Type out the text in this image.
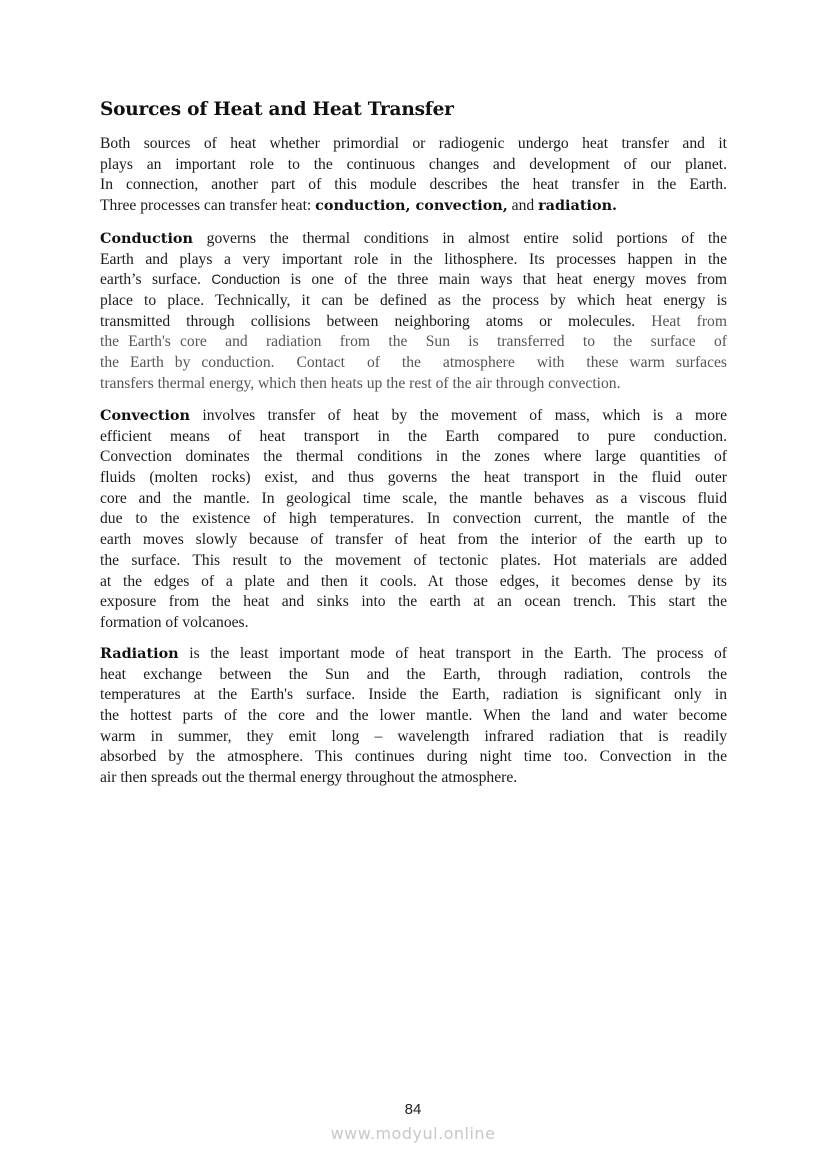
Sources of Heat and Heat Transfer
Both sources of heat whether primordial or radiogenic undergo heat transfer and it
plays an important role to the continuous changes and development of our planet.
In connection, another part of this module describes the heat transfer in the Earth.
Three processes can transfer heat: conduction, convection, and radiation.
Conduction governs the thermal conditions in almost entire solid portions of the
Earth and plays a very important role in the lithosphere. Its processes happen in the
earth’s surface. Conduction is one of the three main ways that heat energy moves from
place to place. Technically, it can be defined as the process by which heat energy is
transmitted through collisions between neighboring atoms or molecules. Heat from
the Earth's core  and  radiation  from  the  Sun  is  transferred  to  the  surface  of
the Earth by conduction.  Contact  of  the  atmosphere  with  these warm surfaces
transfers thermal energy, which then heats up the rest of the air through convection.
Convection involves transfer of heat by the movement of mass, which is a more
efficient means of heat transport in the Earth compared to pure conduction.
Convection dominates the thermal conditions in the zones where large quantities of
fluids (molten rocks) exist, and thus governs the heat transport in the fluid outer
core and the mantle. In geological time scale, the mantle behaves as a viscous fluid
due to the existence of high temperatures. In convection current, the mantle of the
earth moves slowly because of transfer of heat from the interior of the earth up to
the surface. This result to the movement of tectonic plates. Hot materials are added
at the edges of a plate and then it cools. At those edges, it becomes dense by its
exposure from the heat and sinks into the earth at an ocean trench. This start the
formation of volcanoes.
Radiation is the least important mode of heat transport in the Earth. The process of
heat exchange between the Sun and the Earth, through radiation, controls the
temperatures at the Earth's surface. Inside the Earth, radiation is significant only in
the hottest parts of the core and the lower mantle. When the land and water become
warm in summer, they emit long – wavelength infrared radiation that is readily
absorbed by the atmosphere. This continues during night time too. Convection in the
air then spreads out the thermal energy throughout the atmosphere.
84
www.modyul.online
